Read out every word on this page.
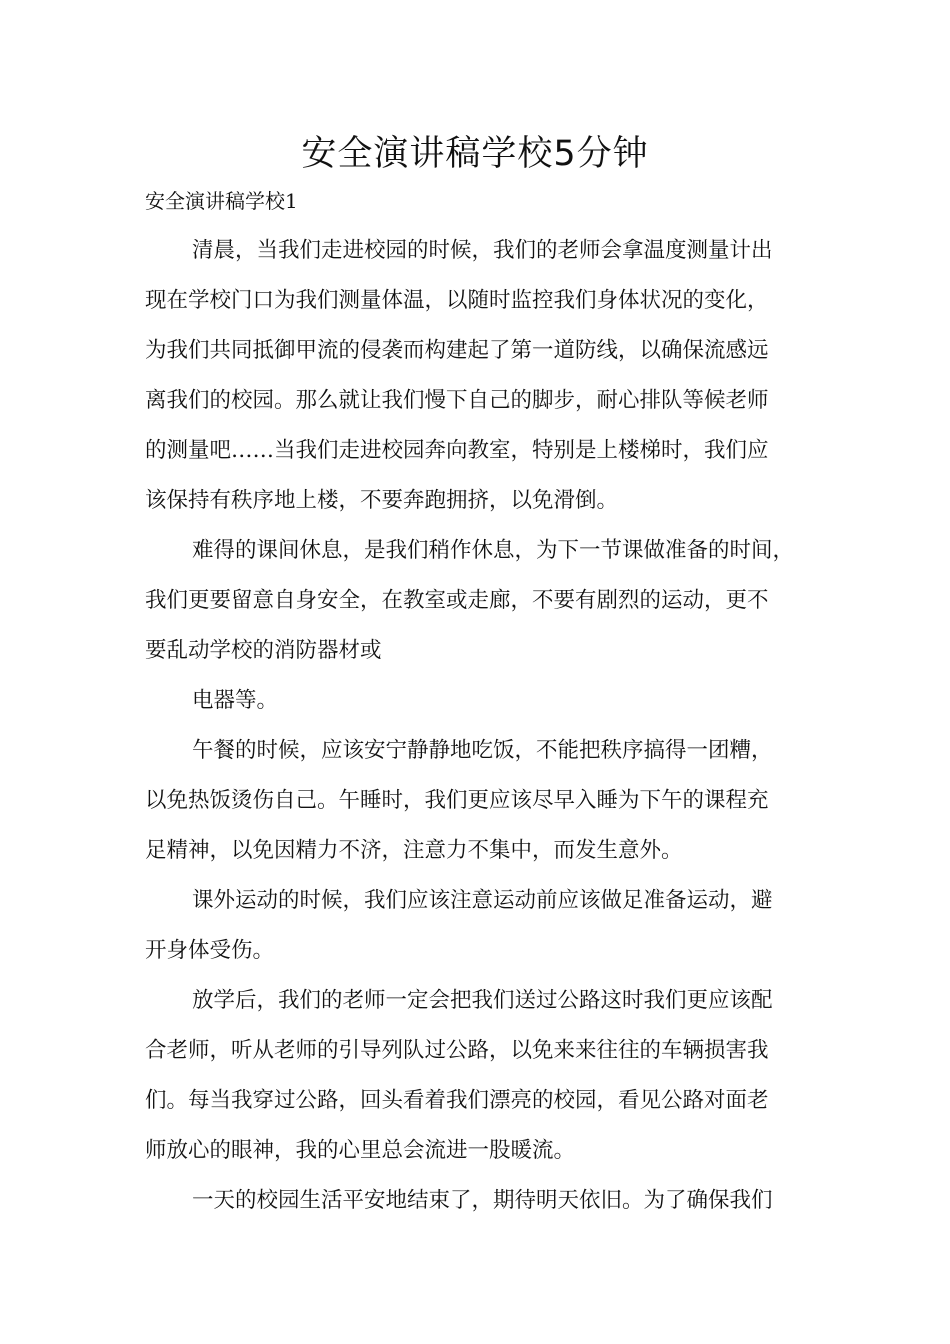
安全演讲稿学校5分钟
安全演讲稿学校1
清晨，当我们走进校园的时候，我们的老师会拿温度测量计出
现在学校门口为我们测量体温，以随时监控我们身体状况的变化，
为我们共同抵御甲流的侵袭而构建起了第一道防线，以确保流感远
离我们的校园。那么就让我们慢下自己的脚步，耐心排队等候老师
的测量吧……当我们走进校园奔向教室，特别是上楼梯时，我们应
该保持有秩序地上楼，不要奔跑拥挤，以免滑倒。
难得的课间休息，是我们稍作休息，为下一节课做准备的时间，
我们更要留意自身安全，在教室或走廊，不要有剧烈的运动，更不
要乱动学校的消防器材或
电器等。
午餐的时候，应该安宁静静地吃饭，不能把秩序搞得一团糟，
以免热饭烫伤自己。午睡时，我们更应该尽早入睡为下午的课程充
足精神，以免因精力不济，注意力不集中，而发生意外。
课外运动的时候，我们应该注意运动前应该做足准备运动，避
开身体受伤。
放学后，我们的老师一定会把我们送过公路这时我们更应该配
合老师，听从老师的引导列队过公路，以免来来往往的车辆损害我
们。每当我穿过公路，回头看着我们漂亮的校园，看见公路对面老
师放心的眼神，我的心里总会流进一股暖流。
一天的校园生活平安地结束了，期待明天依旧。为了确保我们
